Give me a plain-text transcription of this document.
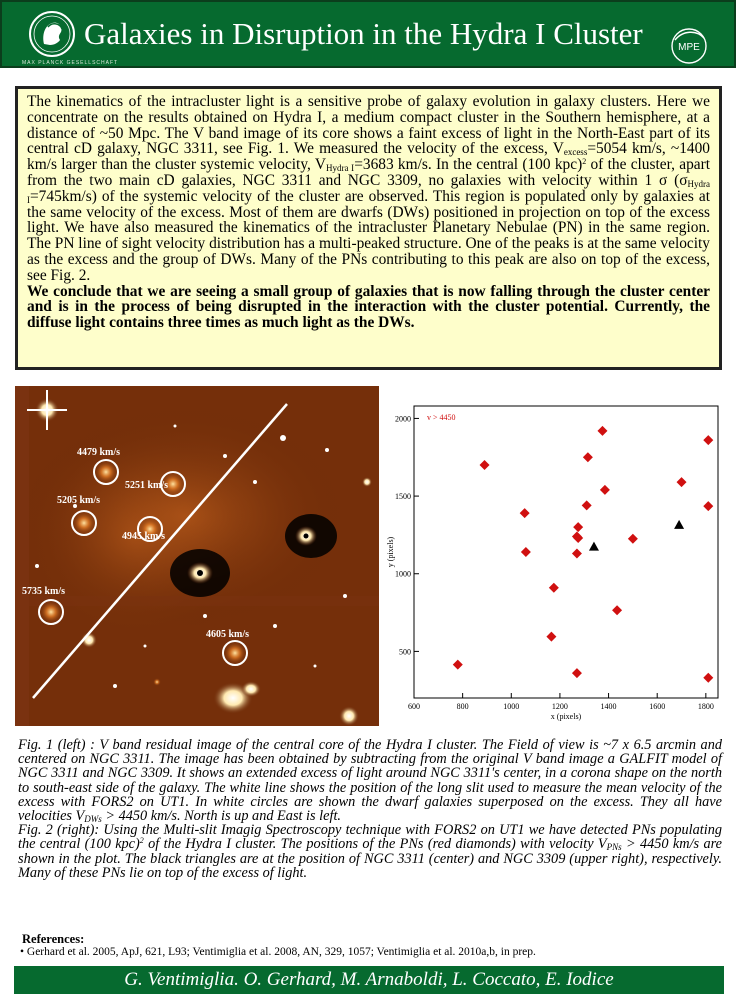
MAX PLANCK GESELLSCHAFT
Galaxies in Disruption in the Hydra I Cluster	MPE
The kinematics of the intracluster light is a sensitive probe of galaxy evolution in galaxy clusters. Here we concentrate on the results obtained on Hydra I, a medium compact cluster in the Southern hemisphere, at a distance of ~50 Mpc. The V band image of its core shows a faint excess of light in the North-East part of its central cD galaxy, NGC 3311, see Fig. 1. We measured the velocity of the excess, $V_{excess}=5054$ km/s, ~1400 km/s larger than the cluster systemic velocity, $V_{Hydra I}=3683$ km/s. In the central (100 kpc)$^2$ of the cluster, apart from the two main cD galaxies, NGC 3311 and NGC 3309, no galaxies with velocity within 1 σ $(\sigma_{Hydra I}=745km/s)$ of the systemic velocity of the cluster are observed. This region is populated only by galaxies at the same velocity of the excess. Most of them are dwarfs (DWs) positioned in projection on top of the excess light. We have also measured the kinematics of the intracluster Planetary Nebulae (PN) in the same region. The PN line of sight velocity distribution has a multi-peaked structure. One of the peaks is at the same velocity as the excess and the group of DWs. Many of the PNs contributing to this peak are also on top of the excess, see Fig. 2.
We conclude that we are seeing a small group of galaxies that is now falling through the cluster center and is in the process of being disrupted in the interaction with the cluster potential. Currently, the diffuse light contains three times as much light as the DWs.
4479 km/s
5251 km/s
5205 km/s
4945 km/s
5735 km/s
4605 km/s
v > 4450
600	800	1000	1200	1400	1600	1800
500
1000
1500
2000
x (pixels)
y (pixels)
Fig. 1 (left) : V band residual image of the central core of the Hydra I cluster. The Field of view is ~7 x 6.5 arcmin and centered on NGC 3311. The image has been obtained by subtracting from the original V band image a GALFIT model of NGC 3311 and NGC 3309. It shows an extended excess of light around NGC 3311's center, in a corona shape on the north to south-east side of the galaxy. The white line shows the position of the long slit used to measure the mean velocity of the excess with FORS2 on UT1. In white circles are shown the dwarf galaxies superposed on the excess. They all have velocities $V_{DWs} > 4450$ km/s. North is up and East is left.
Fig. 2 (right): Using the Multi-slit Imagig Spectroscopy technique with FORS2 on UT1 we have detected PNs populating the central (100 kpc)$^2$ of the Hydra I cluster. The positions of the PNs (red diamonds) with velocity $V_{PNs} > 4450$ km/s are shown in the plot. The black triangles are at the position of NGC 3311 (center) and NGC 3309 (upper right), respectively. Many of these PNs lie on top of the excess of light.
References:
• Gerhard et al. 2005, ApJ, 621, L93; Ventimiglia et al. 2008, AN, 329, 1057; Ventimiglia et al. 2010a,b, in prep.
G. Ventimiglia. O. Gerhard, M. Arnaboldi, L. Coccato, E. Iodice
